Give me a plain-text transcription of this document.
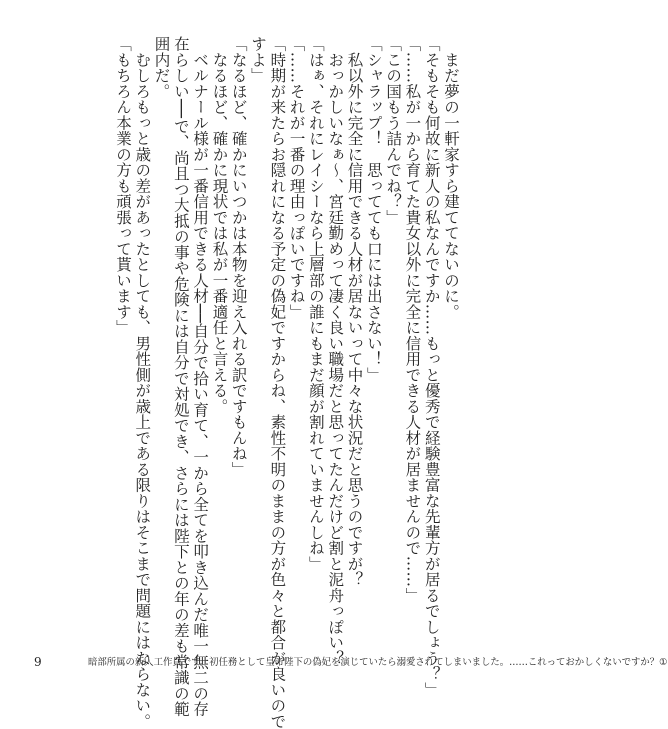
　まだ夢の一軒家すら建ててないのに。
「そもそも何故に新人の私なんですか……もっと優秀で経験豊富な先輩方が居るでしょう？」
「……私が一から育てた貴女以外に完全に信用できる人材が居ませんので……」
「この国もう詰んでね？」
「シャラップ！　思ってても口には出さない！」
　私以外に完全に信用できる人材が居ないって中々な状況だと思うのですが？
　おっかしいなぁ〜、宮廷勤めって凄く良い職場だと思ってたんだけど割と泥舟っぽい？
「はぁ、それにレイシーなら上層部の誰にもまだ顔が割れていませんしね」
「……それが一番の理由っぽいですね」
「時期が来たらお隠れになる予定の偽妃ですからね、素性不明のままの方が色々と都合が良いので
すよ」
「なるほど、確かにいつかは本物を迎え入れる訳ですもんね」
　なるほど、確かに現状では私が一番適任と言える。
　ベルナール様が一番信用できる人材──自分で拾い育て、一から全てを叩き込んだ唯一無二の存
在らしい──で、尚且つ大抵の事や危険には自分で対処でき、さらには陛下との年の差も常識の範
囲内だ。
　むしろもっと歳の差があったとしても、男性側が歳上である限りはそこまで問題にはならない。
「もちろん本業の方も頑張って貰います」
9	暗部所属の新人工作員です。初任務として皇帝陛下の偽妃を演じていたら溺愛されてしまいました。……これっておかしくないですか？①
